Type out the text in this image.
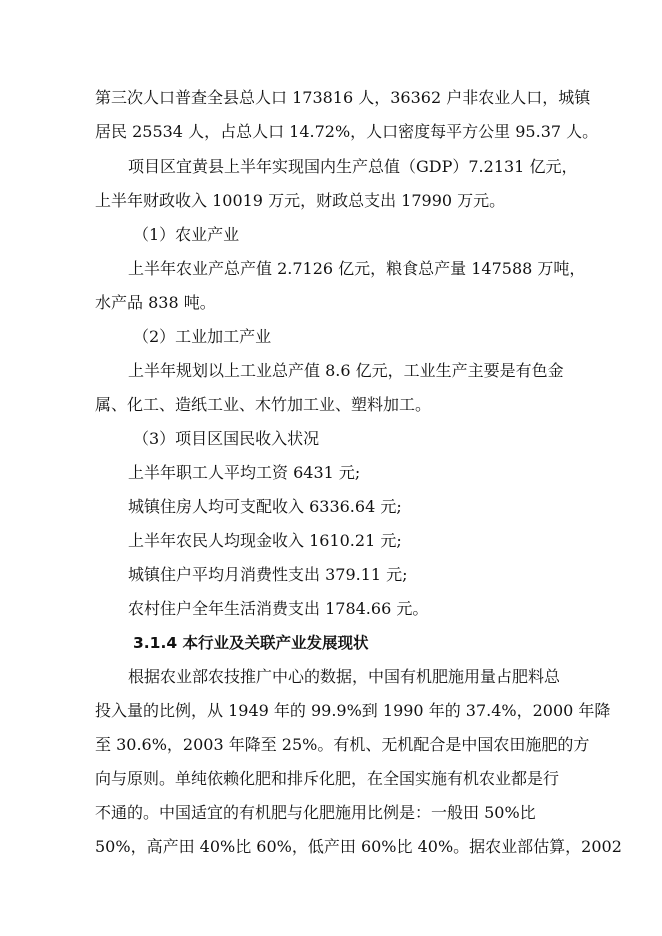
第三次人口普查全县总人口 173816 人，36362 户非农业人口，城镇
居民 25534 人，占总人口 14.72%，人口密度每平方公里 95.37 人。
项目区宜黄县上半年实现国内生产总值（GDP）7.2131 亿元，
上半年财政收入 10019 万元，财政总支出 17990 万元。
（1）农业产业
上半年农业产总产值 2.7126 亿元，粮食总产量 147588 万吨，
水产品 838 吨。
（2）工业加工产业
上半年规划以上工业总产值 8.6 亿元，工业生产主要是有色金
属、化工、造纸工业、木竹加工业、塑料加工。
（3）项目区国民收入状况
上半年职工人平均工资 6431 元;
城镇住房人均可支配收入 6336.64 元;
上半年农民人均现金收入 1610.21 元;
城镇住户平均月消费性支出 379.11 元;
农村住户全年生活消费支出 1784.66 元。
3.1.4 本行业及关联产业发展现状
根据农业部农技推广中心的数据，中国有机肥施用量占肥料总
投入量的比例，从 1949 年的 99.9%到 1990 年的 37.4%，2000 年降
至 30.6%，2003 年降至 25%。有机、无机配合是中国农田施肥的方
向与原则。单纯依赖化肥和排斥化肥，在全国实施有机农业都是行
不通的。中国适宜的有机肥与化肥施用比例是：一般田 50%比
50%，高产田 40%比 60%，低产田 60%比 40%。据农业部估算，2002
